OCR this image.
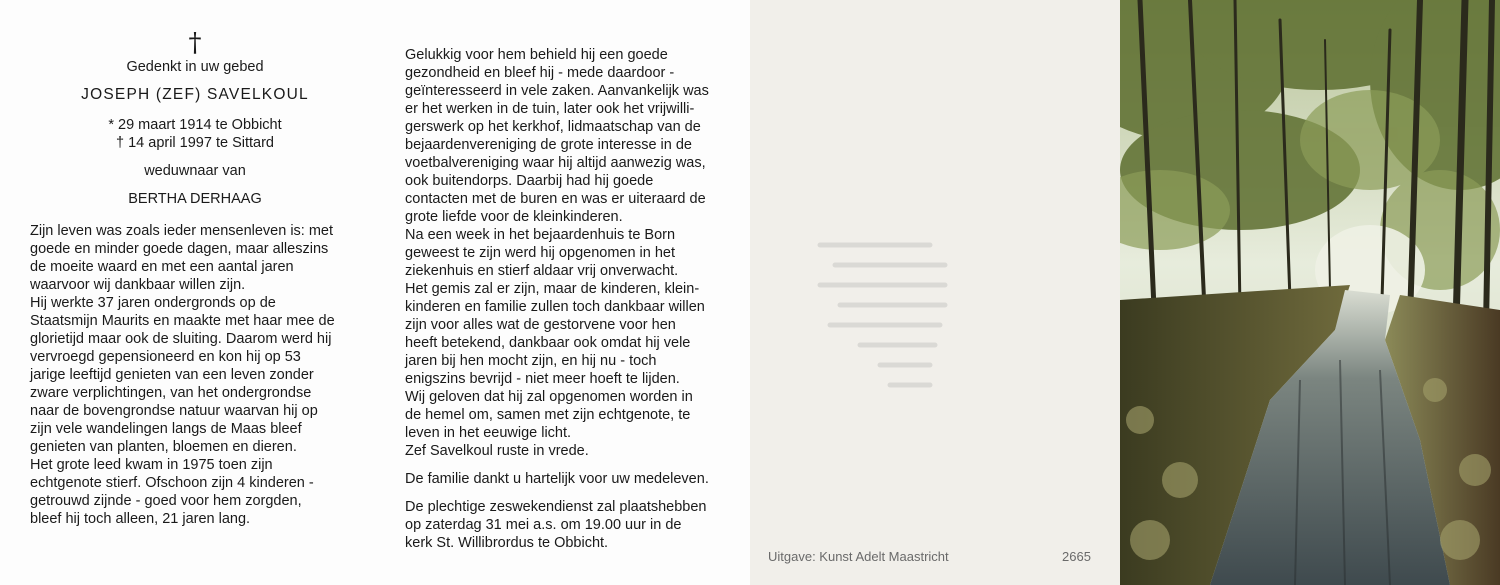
†
Gedenkt in uw gebed
JOSEPH (ZEF) SAVELKOUL
* 29 maart 1914 te Obbicht
† 14 april 1997 te Sittard
weduwnaar van
BERTHA DERHAAG
Zijn leven was zoals ieder mensenleven is: met
goede en minder goede dagen, maar alleszins
de moeite waard en met een aantal jaren
waarvoor wij dankbaar willen zijn.
Hij werkte 37 jaren ondergronds op de
Staatsmijn Maurits en maakte met haar mee de
glorietijd maar ook de sluiting. Daarom werd hij
vervroegd gepensioneerd en kon hij op 53
jarige leeftijd genieten van een leven zonder
zware verplichtingen, van het ondergrondse
naar de bovengrondse natuur waarvan hij op
zijn vele wandelingen langs de Maas bleef
genieten van planten, bloemen en dieren.
Het grote leed kwam in 1975 toen zijn
echtgenote stierf. Ofschoon zijn 4 kinderen -
getrouwd zijnde - goed voor hem zorgden,
bleef hij toch alleen, 21 jaren lang.
Gelukkig voor hem behield hij een goede
gezondheid en bleef hij - mede daardoor -
geïnteresseerd in vele zaken. Aanvankelijk was
er het werken in de tuin, later ook het vrijwilli-
gerswerk op het kerkhof, lidmaatschap van de
bejaardenvereniging de grote interesse in de
voetbalvereniging waar hij altijd aanwezig was,
ook buitendorps. Daarbij had hij goede
contacten met de buren en was er uiteraard de
grote liefde voor de kleinkinderen.
Na een week in het bejaardenhuis te Born
geweest te zijn werd hij opgenomen in het
ziekenhuis en stierf aldaar vrij onverwacht.
Het gemis zal er zijn, maar de kinderen, klein-
kinderen en familie zullen toch dankbaar willen
zijn voor alles wat de gestorvene voor hen
heeft betekend, dankbaar ook omdat hij vele
jaren bij hen mocht zijn, en hij nu - toch
enigszins bevrijd - niet meer hoeft te lijden.
Wij geloven dat hij zal opgenomen worden in
de hemel om, samen met zijn echtgenote, te
leven in het eeuwige licht.
Zef Savelkoul ruste in vrede.
De familie dankt u hartelijk voor uw medeleven.
De plechtige zeswekendienst zal plaatshebben
op zaterdag 31 mei a.s. om 19.00 uur in de
kerk St. Willibrordus te Obbicht.
Uitgave: Kunst Adelt Maastricht	2665
